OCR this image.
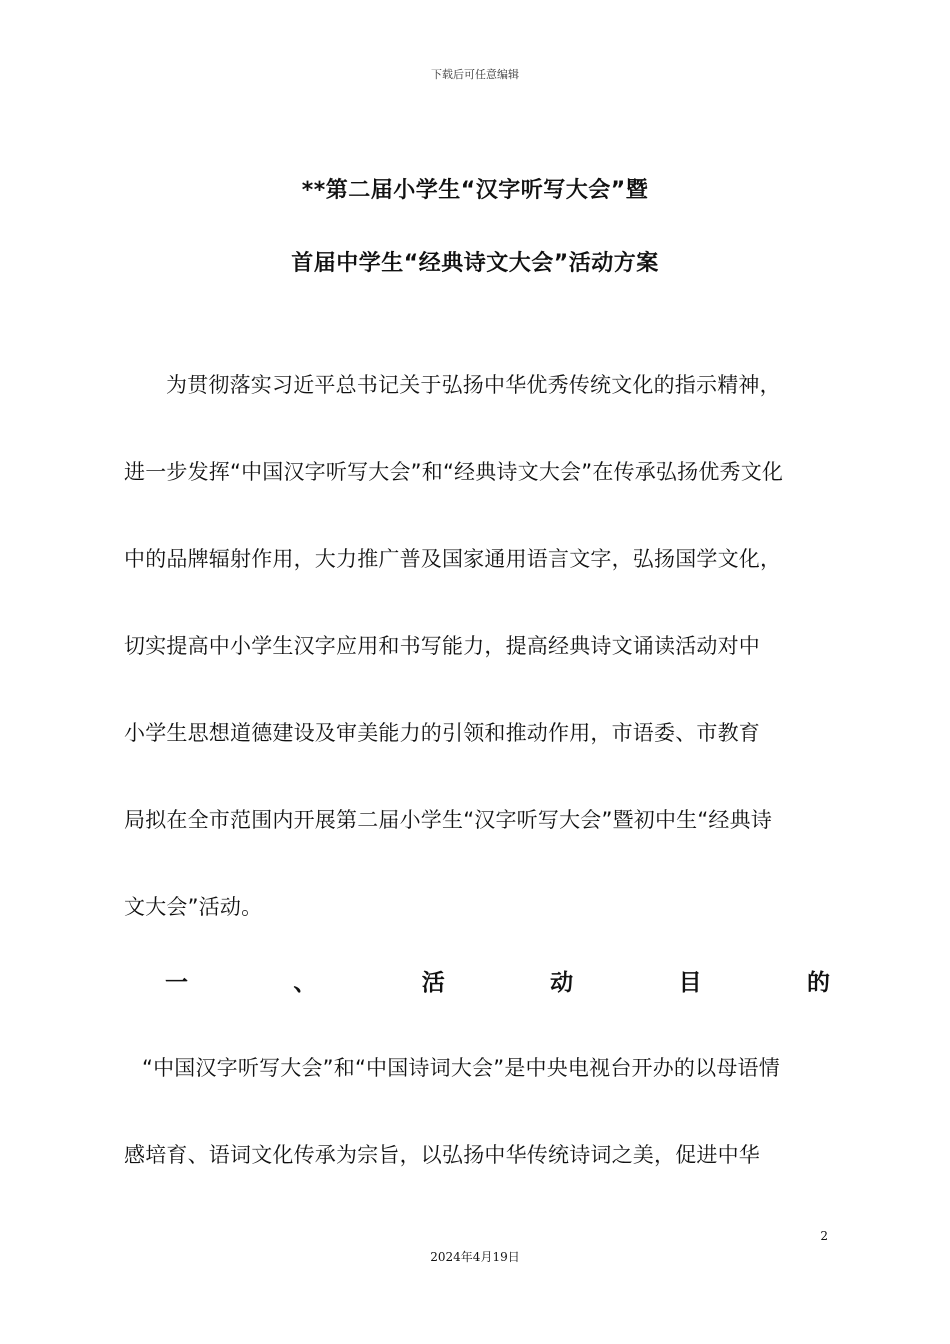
下载后可任意编辑
**第二届小学生“汉字听写大会”暨
首届中学生“经典诗文大会”活动方案
为贯彻落实习近平总书记关于弘扬中华优秀传统文化的指示精神，
进一步发挥“中国汉字听写大会”和“经典诗文大会”在传承弘扬优秀文化
中的品牌辐射作用，大力推广普及国家通用语言文字，弘扬国学文化，
切实提高中小学生汉字应用和书写能力，提高经典诗文诵读活动对中
小学生思想道德建设及审美能力的引领和推动作用，市语委、市教育
局拟在全市范围内开展第二届小学生“汉字听写大会”暨初中生“经典诗
文大会”活动。
一	、	活	动	目	的
“中国汉字听写大会”和“中国诗词大会”是中央电视台开办的以母语情
感培育、语词文化传承为宗旨，以弘扬中华传统诗词之美，促进中华
2
2024年4月19日
